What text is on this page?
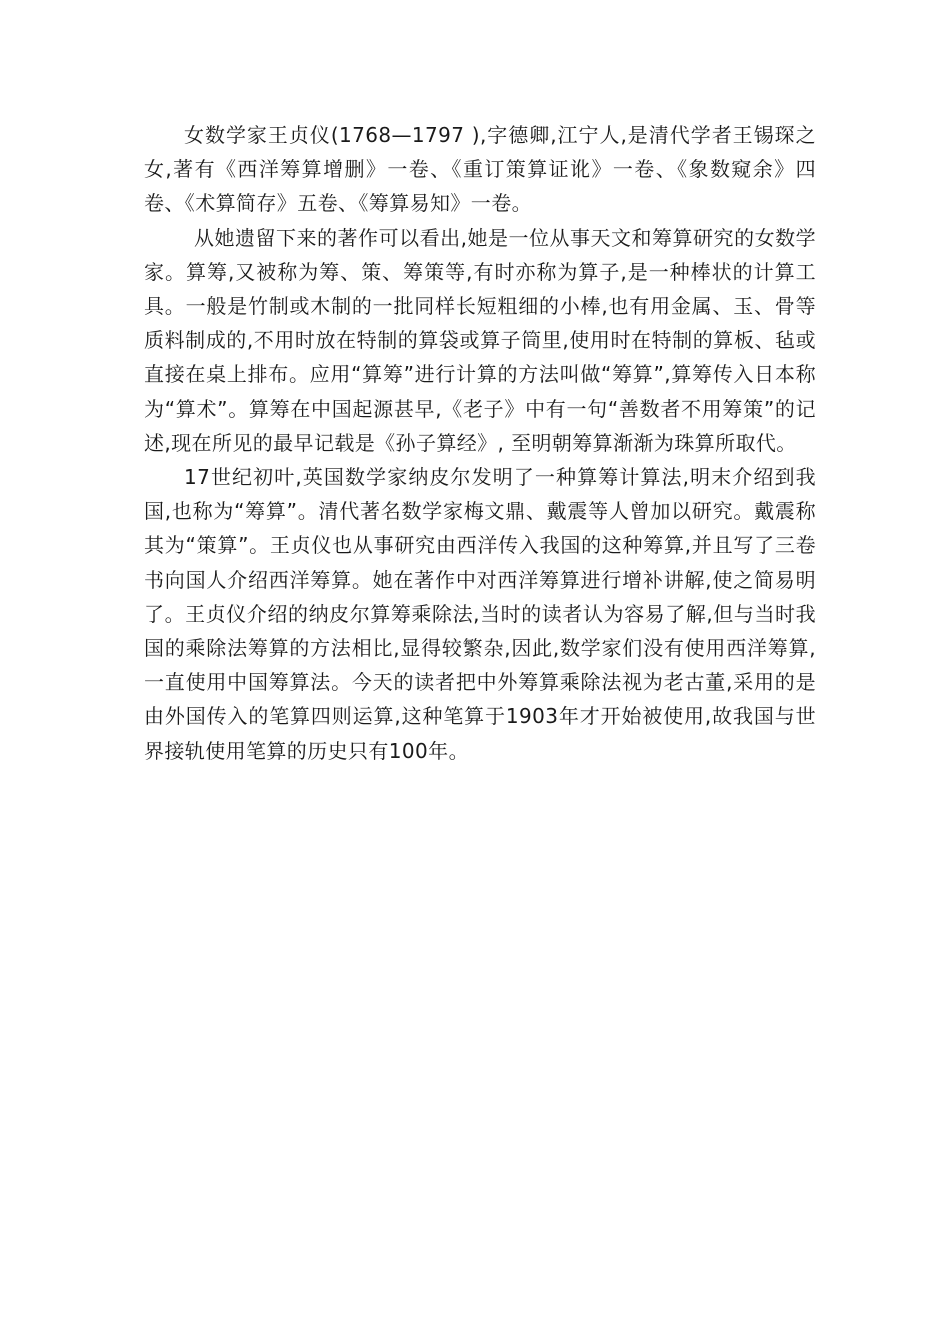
女数学家王贞仪(1768—1797 ),字德卿,江宁人,是清代学者王锡琛之女,著有《西洋筹算增删》一卷、《重订策算证讹》一卷、《象数窥余》四卷、《术算简存》五卷、《筹算易知》一卷。

从她遗留下来的著作可以看出,她是一位从事天文和筹算研究的女数学家。算筹,又被称为筹、策、筹策等,有时亦称为算子,是一种棒状的计算工具。一般是竹制或木制的一批同样长短粗细的小棒,也有用金属、玉、骨等质料制成的,不用时放在特制的算袋或算子筒里,使用时在特制的算板、毡或直接在桌上排布。应用“算筹”进行计算的方法叫做“筹算”,算筹传入日本称为“算术”。算筹在中国起源甚早,《老子》中有一句“善数者不用筹策”的记述,现在所见的最早记载是《孙子算经》, 至明朝筹算渐渐为珠算所取代。

17世纪初叶,英国数学家纳皮尔发明了一种算筹计算法,明末介绍到我国,也称为“筹算”。清代著名数学家梅文鼎、戴震等人曾加以研究。戴震称其为“策算”。王贞仪也从事研究由西洋传入我国的这种筹算,并且写了三卷书向国人介绍西洋筹算。她在著作中对西洋筹算进行增补讲解,使之简易明了。王贞仪介绍的纳皮尔算筹乘除法,当时的读者认为容易了解,但与当时我国的乘除法筹算的方法相比,显得较繁杂,因此,数学家们没有使用西洋筹算,一直使用中国筹算法。今天的读者把中外筹算乘除法视为老古董,采用的是由外国传入的笔算四则运算,这种笔算于1903年才开始被使用,故我国与世界接轨使用笔算的历史只有100年。
